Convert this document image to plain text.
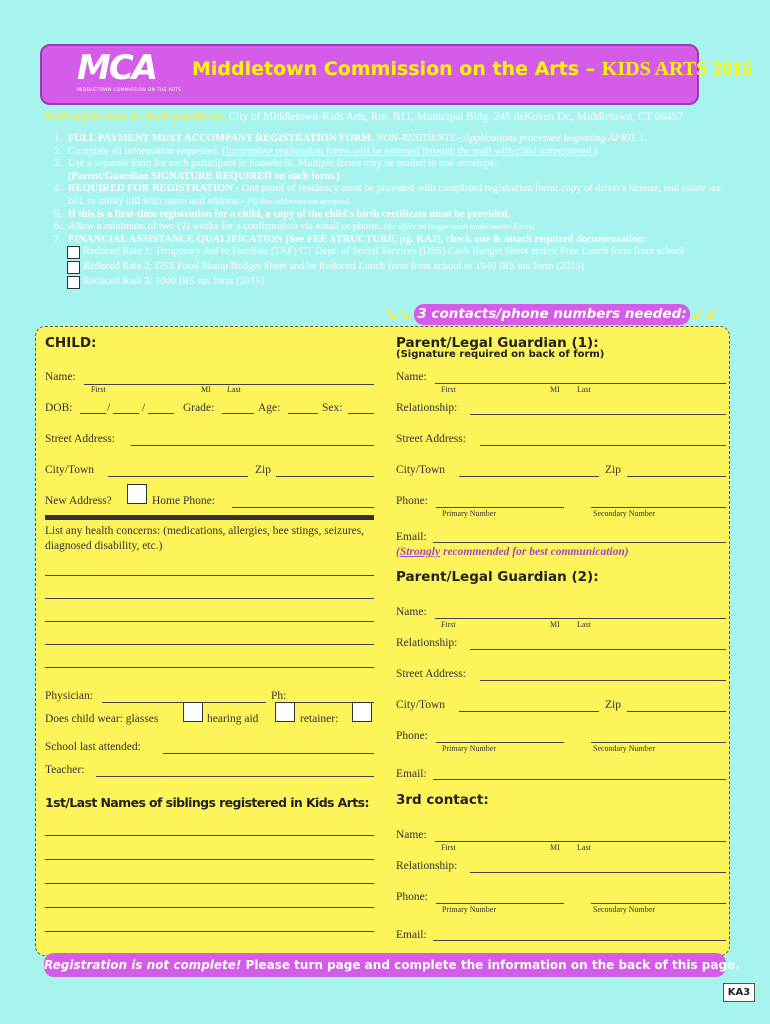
MCA
MIDDLETOWN COMMISSION ON THE ARTS
Middletown Commission on the Arts – KIDS ARTS 2016
Mail registration & check payable to: City of Middletown-Kids Arts, Rm. B11, Municipal Bldg. 245 deKoven Dr., Middletown, CT 06457
1. FULL PAYMENT MUST ACCOMPANY REGISTRATION FORM. NON-RESIDENTS - Applications processed beginning APRIL 1.
2. Complete all information requested. (Incomplete registration forms will be returned through the mail with child unregistered.)
3. Use a separate form for each participant in household. Multiple forms may be mailed in one envelope.
(Parent/Guardian SIGNATURE REQUIRED on each form.)
4. REQUIRED FOR REGISTRATION - One proof of residency must be provided with completed registration form: copy of driver's license, real estate tax bill, or utility bill with name and address - PO Box addresses not accepted.
5. If this is a first-time registration for a child, a copy of the child's birth certificate must be provided.
6. Allow a minimum of two (2) weeks for a confirmation via email or phone. (the office no longer mails confirmation forms)
7. FINANCIAL ASSISTANCE QUALIFICATION (See FEE STRUCTURE, pg. KA2), check one & attach required documentation:
Reduced Rate 1: Temporary Aid to Families (TAF) CT Dept. of Social Services (DSS) Cash Budget Sheet and/or Free Lunch form from school
Reduced Rate 2: DSS Food Stamp Budget Sheet and/or Reduced Lunch form from school or 1040 IRS tax form (2015)
Reduced Rate 3: 1040 IRS tax form (2015)
↘↘ 3 contacts/phone numbers needed: ↙↙
CHILD:
Name:
First	MI Last
DOB:	/	/	Grade:	Age:	Sex:
Street Address:
City/Town	Zip
New Address?	Home Phone:
List any health concerns: (medications, allergies, bee stings, seizures, diagnosed disability, etc.)
Physician:	Ph:
Does child wear: glasses	hearing aid	retainer:
School last attended:
Teacher:
1st/Last Names of siblings registered in Kids Arts:
Parent/Legal Guardian (1):
(Signature required on back of form)
Name:
First	MI Last
Relationship:
Street Address:
City/Town	Zip
Phone:
Primary Number	Secondary Number
Email:
(Strongly recommended for best communication)
Parent/Legal Guardian (2):
Name:
First	MI Last
Relationship:
Street Address:
City/Town	Zip
Phone:
Primary Number	Secondary Number
Email:
3rd contact:
Name:
First	MI Last
Relationship:
Phone:
Primary Number	Secondary Number
Email:
Registration is not complete! Please turn page and complete the information on the back of this page.
KA3
